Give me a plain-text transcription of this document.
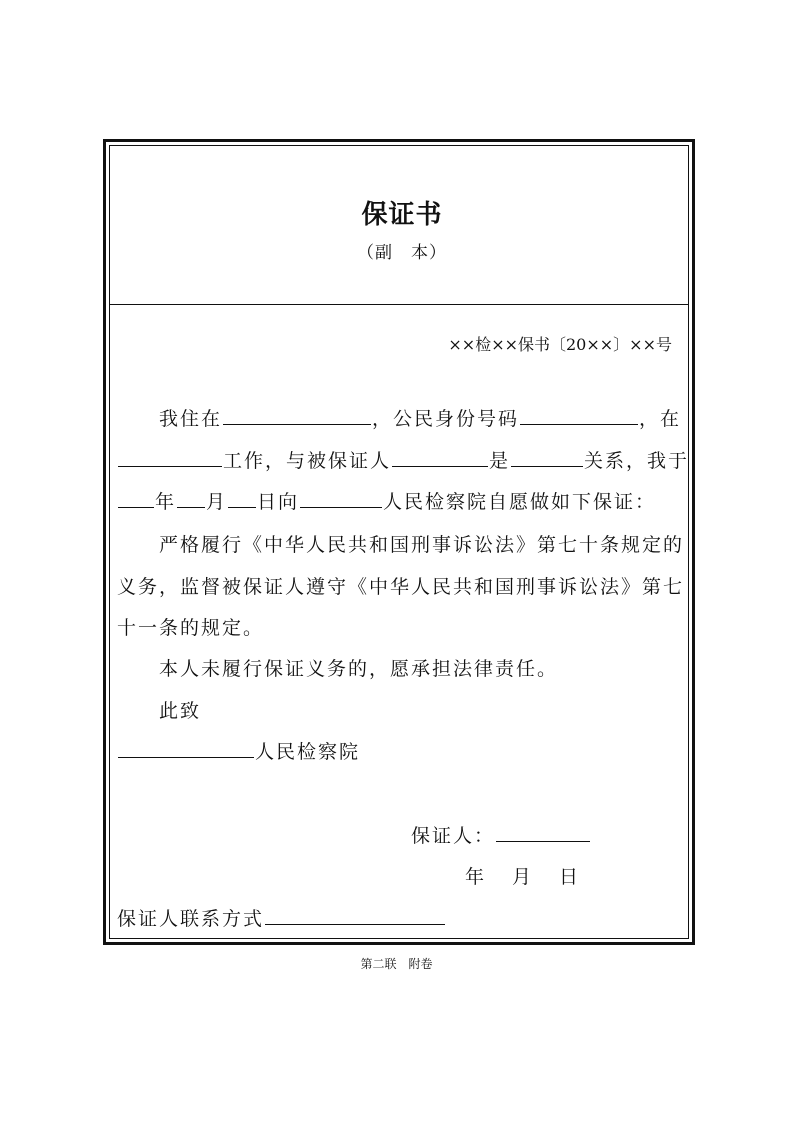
保证书
（副　本）
××检××保书〔20××〕××号
我住在	，公民身份号码	，在
工作，与被保证人	是	关系，我于
年 月 日向	人民检察院自愿做如下保证：
严格履行《中华人民共和国刑事诉讼法》第七十条规定的
义务，监督被保证人遵守《中华人民共和国刑事诉讼法》第七
十一条的规定。
本人未履行保证义务的，愿承担法律责任。
此致
人民检察院
保证人：
年 月 日
保证人联系方式
第二联　附卷
